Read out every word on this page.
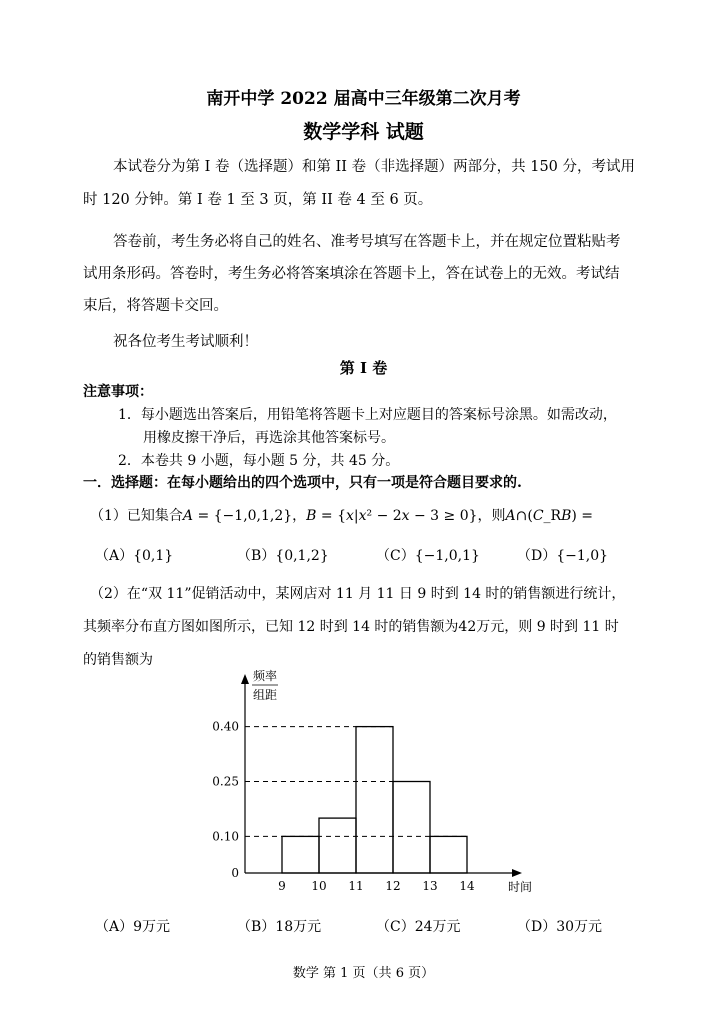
南开中学 2022 届高中三年级第二次月考
数学学科 试题
本试卷分为第 I 卷（选择题）和第 II 卷（非选择题）两部分，共 150 分，考试用
时 120 分钟。第 I 卷 1 至 3 页，第 II 卷 4 至 6 页。
答卷前，考生务必将自己的姓名、准考号填写在答题卡上，并在规定位置粘贴考
试用条形码。答卷时，考生务必将答案填涂在答题卡上，答在试卷上的无效。考试结
束后，将答题卡交回。
祝各位考生考试顺利！
第 I 卷
注意事项：
1．每小题选出答案后，用铅笔将答题卡上对应题目的答案标号涂黑。如需改动，
用橡皮擦干净后，再选涂其他答案标号。
2．本卷共 9 小题，每小题 5 分，共 45 分。
一．选择题：在每小题给出的四个选项中，只有一项是符合题目要求的.
（1）已知集合𝐴 = {−1,0,1,2}，𝐵 = {𝑥|𝑥² − 2𝑥 − 3 ≥ 0}，则𝐴∩(𝐶_R𝐵) =
（A）{0,1}	（B）{0,1,2}	（C）{−1,0,1}	（D）{−1,0}
（2）在“双 11”促销活动中，某网店对 11 月 11 日 9 时到 14 时的销售额进行统计，
其频率分布直方图如图所示，已知 12 时到 14 时的销售额为42万元，则 9 时到 11 时
的销售额为
0
0.10
0.25
0.40
9 10 11 12 13 14	时间
频率
组距
（A）9万元	（B）18万元	（C）24万元	（D）30万元
数学 第 1 页（共 6 页）
